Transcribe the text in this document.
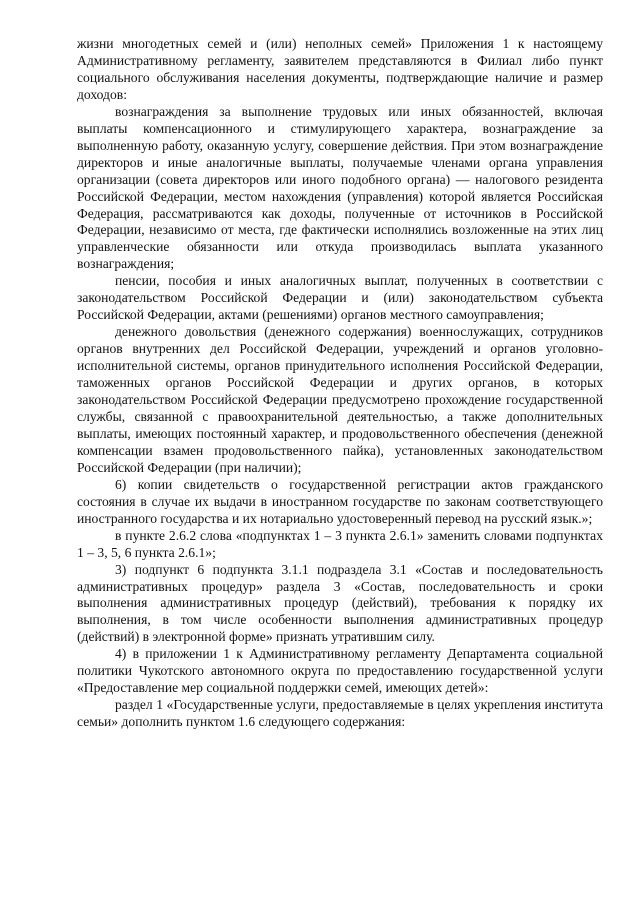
жизни многодетных семей и (или) неполных семей» Приложения 1 к настоящему Административному регламенту, заявителем представляются в Филиал либо пункт социального обслуживания населения документы, подтверждающие наличие и размер доходов:

вознаграждения за выполнение трудовых или иных обязанностей, включая выплаты компенсационного и стимулирующего характера, вознаграждение за выполненную работу, оказанную услугу, совершение действия. При этом вознаграждение директоров и иные аналогичные выплаты, получаемые членами органа управления организации (совета директоров или иного подобного органа) — налогового резидента Российской Федерации, местом нахождения (управления) которой является Российская Федерация, рассматриваются как доходы, полученные от источников в Российской Федерации, независимо от места, где фактически исполнялись возложенные на этих лиц управленческие обязанности или откуда производилась выплата указанного вознаграждения;

пенсии, пособия и иных аналогичных выплат, полученных в соответствии с законодательством Российской Федерации и (или) законодательством субъекта Российской Федерации, актами (решениями) органов местного самоуправления;

денежного довольствия (денежного содержания) военнослужащих, сотрудников органов внутренних дел Российской Федерации, учреждений и органов уголовно-исполнительной системы, органов принудительного исполнения Российской Федерации, таможенных органов Российской Федерации и других органов, в которых законодательством Российской Федерации предусмотрено прохождение государственной службы, связанной с правоохранительной деятельностью, а также дополнительных выплаты, имеющих постоянный характер, и продовольственного обеспечения (денежной компенсации взамен продовольственного пайка), установленных законодательством Российской Федерации (при наличии);

6) копии свидетельств о государственной регистрации актов гражданского состояния в случае их выдачи в иностранном государстве по законам соответствующего иностранного государства и их нотариально удостоверенный перевод на русский язык.»;

в пункте 2.6.2 слова «подпунктах 1 – 3 пункта 2.6.1» заменить словами подпунктах 1 – 3, 5, 6 пункта 2.6.1»;

3) подпункт 6 подпункта 3.1.1 подраздела 3.1 «Состав и последовательность административных процедур» раздела 3 «Состав, последовательность и сроки выполнения административных процедур (действий), требования к порядку их выполнения, в том числе особенности выполнения административных процедур (действий) в электронной форме» признать утратившим силу.

4) в приложении 1 к Административному регламенту Департамента социальной политики Чукотского автономного округа по предоставлению государственной услуги «Предоставление мер социальной поддержки семей, имеющих детей»:

раздел 1 «Государственные услуги, предоставляемые в целях укрепления института семьи» дополнить пунктом 1.6 следующего содержания:
